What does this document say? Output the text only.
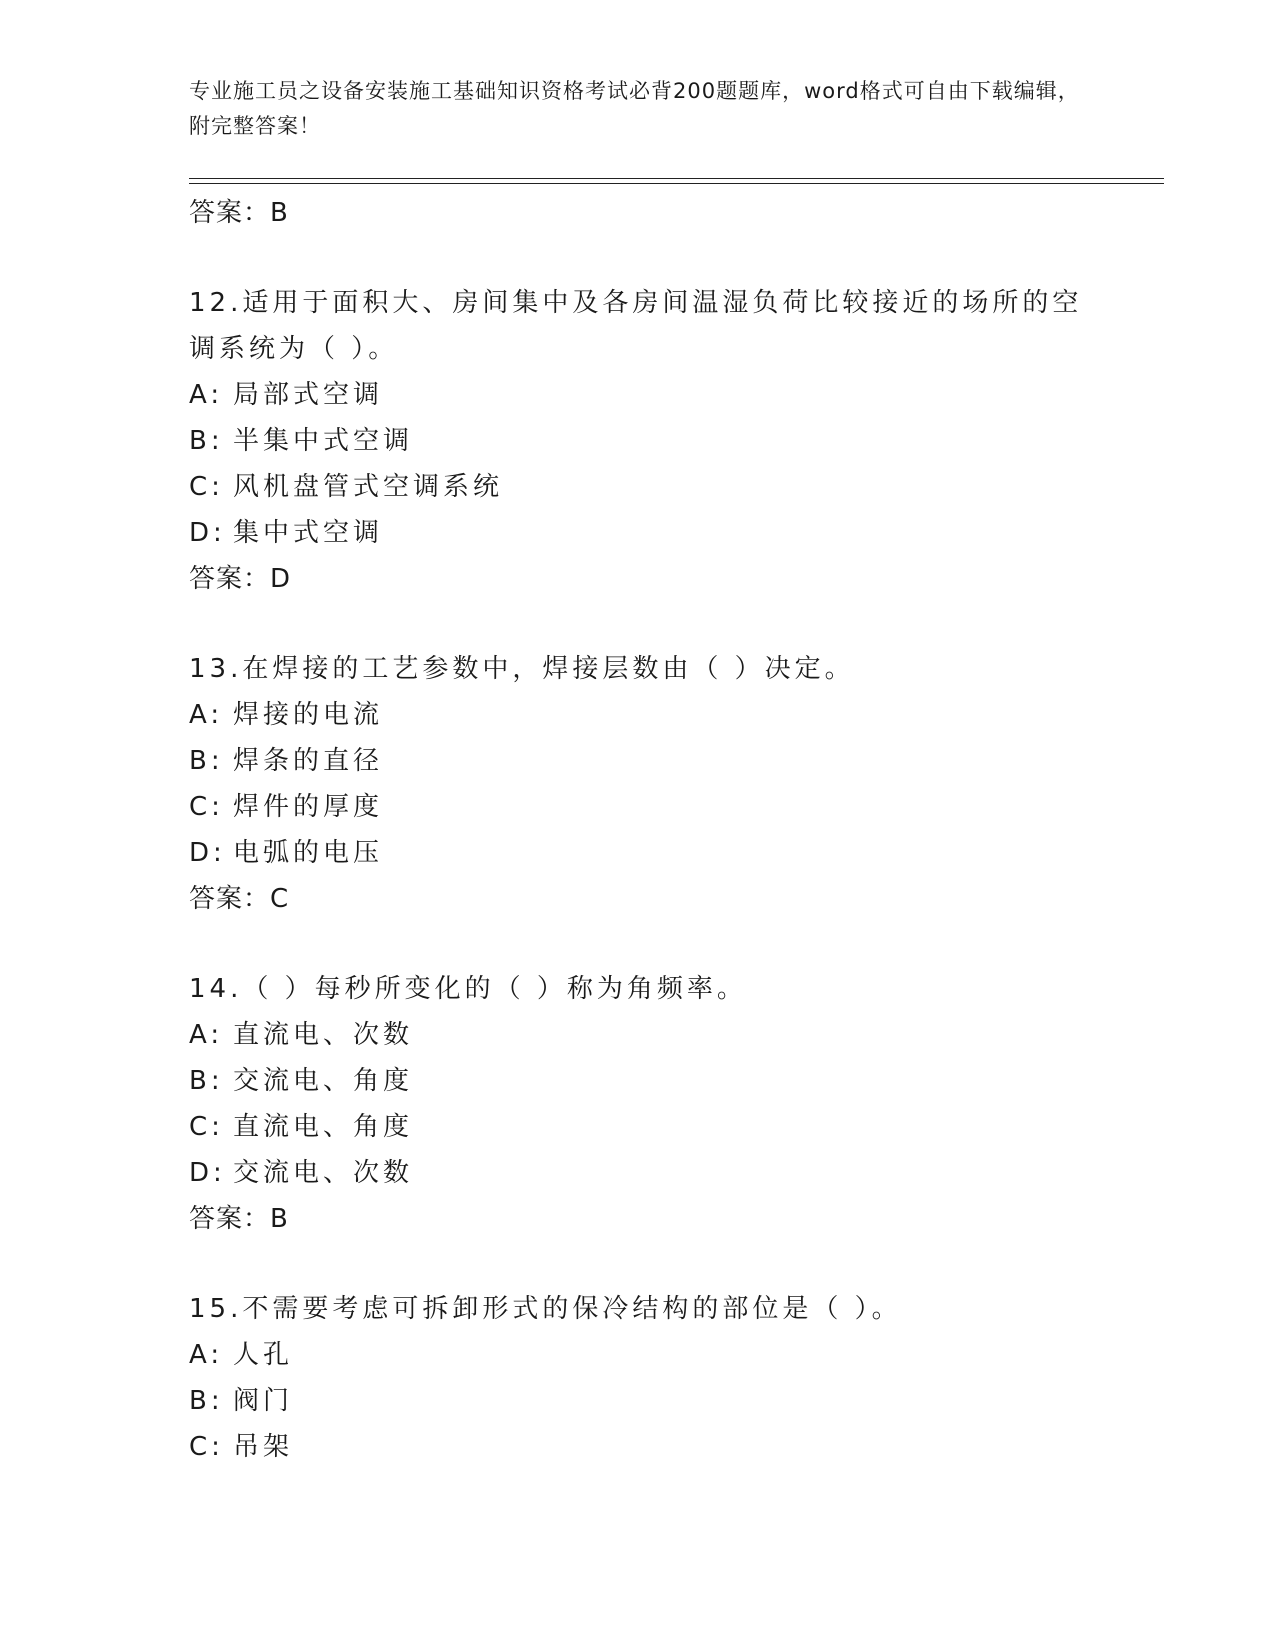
专业施工员之设备安装施工基础知识资格考试必背200题题库，word格式可自由下载编辑，附完整答案！
答案：B
12.适用于面积大、房间集中及各房间温湿负荷比较接近的场所的空调系统为（ ）。
A: 局部式空调
B: 半集中式空调
C: 风机盘管式空调系统
D: 集中式空调
答案：D
13.在焊接的工艺参数中，焊接层数由（ ）决定。
A: 焊接的电流
B: 焊条的直径
C: 焊件的厚度
D: 电弧的电压
答案：C
14.（ ）每秒所变化的（ ）称为角频率。
A: 直流电、次数
B: 交流电、角度
C: 直流电、角度
D: 交流电、次数
答案：B
15.不需要考虑可拆卸形式的保冷结构的部位是（ ）。
A: 人孔
B: 阀门
C: 吊架
